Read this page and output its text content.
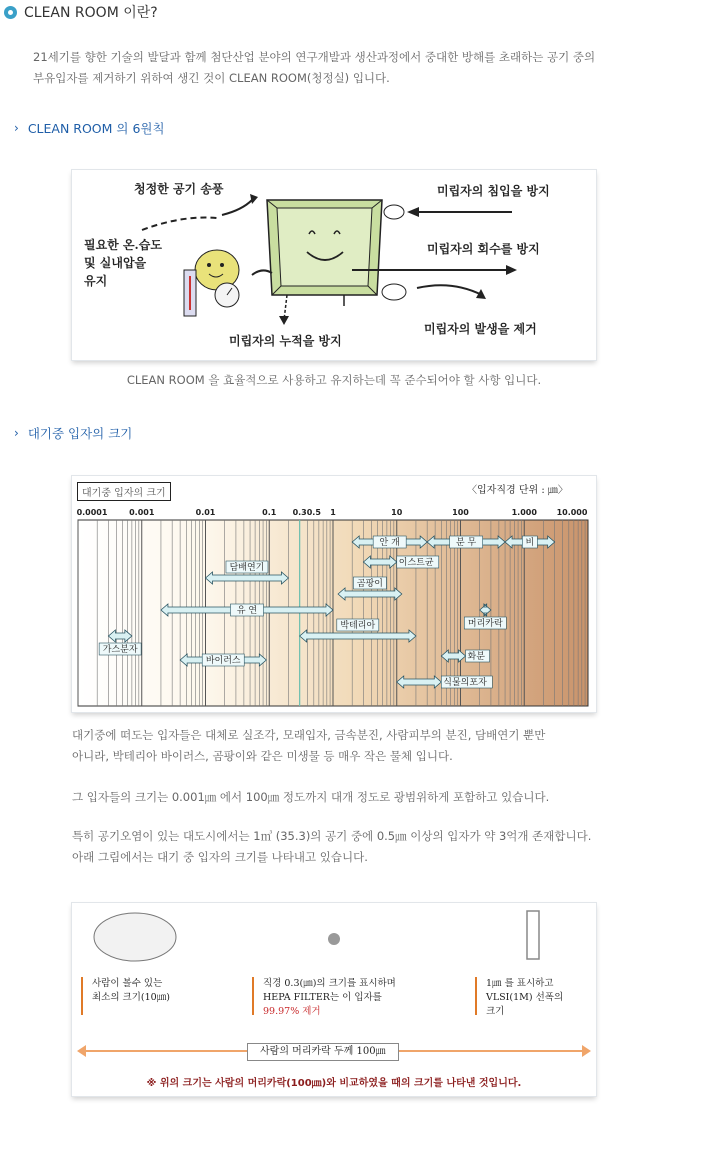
CLEAN ROOM 이란?
21세기를 향한 기술의 발달과 함께 첨단산업 분야의 연구개발과 생산과정에서 중대한 방해를 초래하는 공기 중의
부유입자를 제거하기 위하여 생긴 것이 CLEAN ROOM(청정실) 입니다.
› CLEAN ROOM 의 6원칙
청정한 공기 송풍
필요한 온.습도
및 실내압을
유지
미립자의 침입을 방지
미립자의 회수를 방지
미립자의 발생을 제거
미립자의 누적을 방지
CLEAN ROOM 을 효율적으로 사용하고 유지하는데 꼭 준수되어야 할 사항 입니다.
› 대기중 입자의 크기
대기중 입자의 크기	〈입자직경 단위 : ㎛〉
0.0001	0.001	0.01	0.1 0.3 0.5 1	10	100	1.000 10.000
안 개	분 무	비
이스트균
담배연기
곰팡이
유 연
머리카락
박테리아
가스분자
화분
바이러스
식물의포자
대기중에 떠도는 입자들은 대체로 실조각, 모래입자, 금속분진, 사람피부의 분진, 담배연기 뿐만
아니라, 박테리아 바이러스, 곰팡이와 같은 미생물 등 매우 작은 물체 입니다.
그 입자들의 크기는 0.001㎛ 에서 100㎛ 정도까지 대개 정도로 광범위하게 포함하고 있습니다.
특히 공기오염이 있는 대도시에서는 1㎥ (35.3)의 공기 중에 0.5㎛ 이상의 입자가 약 3억개 존재합니다.
아래 그림에서는 대기 중 입자의 크기를 나타내고 있습니다.
사람이 볼수 있는
최소의 크기(10㎛)
직경 0.3(㎛)의 크기를 표시하며
HEPA FILTER는 이 입자를
99.97% 제거
1㎛ 를 표시하고
VLSI(1M) 선폭의
크기
사람의 머리카락 두께 100㎛
※ 위의 크기는 사람의 머리카락(100㎛)와 비교하였을 때의 크기를 나타낸 것입니다.
